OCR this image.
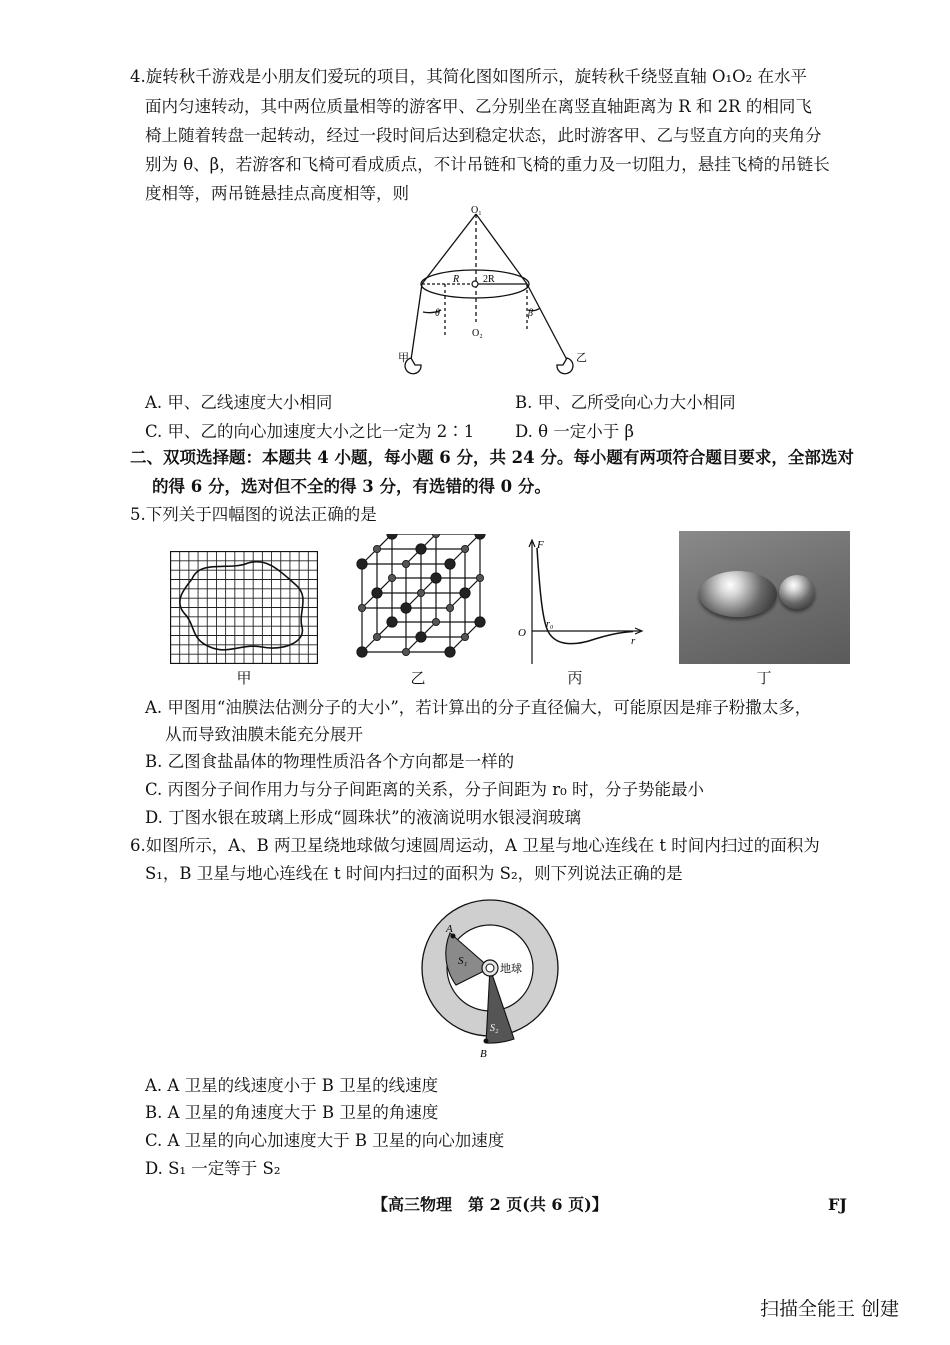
4.旋转秋千游戏是小朋友们爱玩的项目，其简化图如图所示，旋转秋千绕竖直轴 O₁O₂ 在水平
面内匀速转动，其中两位质量相等的游客甲、乙分别坐在离竖直轴距离为 R 和 2R 的相同飞
椅上随着转盘一起转动，经过一段时间后达到稳定状态，此时游客甲、乙与竖直方向的夹角分
别为 θ、β，若游客和飞椅可看成质点，不计吊链和飞椅的重力及一切阻力，悬挂飞椅的吊链长
度相等，两吊链悬挂点高度相等，则
O₁
O₂
R 2R
θ	β
甲	乙
A. 甲、乙线速度大小相同	B. 甲、乙所受向心力大小相同
C. 甲、乙的向心加速度大小之比一定为 2∶1 D. θ 一定小于 β
二、双项选择题：本题共 4 小题，每小题 6 分，共 24 分。每小题有两项符合题目要求，全部选对
的得 6 分，选对但不全的得 3 分，有选错的得 0 分。
5.下列关于四幅图的说法正确的是
甲	乙
F
O
r₀
r
丙	丁
A. 甲图用“油膜法估测分子的大小”，若计算出的分子直径偏大，可能原因是痱子粉撒太多，
从而导致油膜未能充分展开
B. 乙图食盐晶体的物理性质沿各个方向都是一样的
C. 丙图分子间作用力与分子间距离的关系，分子间距为 r₀ 时，分子势能最小
D. 丁图水银在玻璃上形成“圆珠状”的液滴说明水银浸润玻璃
6.如图所示，A、B 两卫星绕地球做匀速圆周运动，A 卫星与地心连线在 t 时间内扫过的面积为
S₁，B 卫星与地心连线在 t 时间内扫过的面积为 S₂，则下列说法正确的是
A
B
S₁
S₂
地球
A. A 卫星的线速度小于 B 卫星的线速度
B. A 卫星的角速度大于 B 卫星的角速度
C. A 卫星的向心加速度大于 B 卫星的向心加速度
D. S₁ 一定等于 S₂
【高三物理　第 2 页(共 6 页)】	FJ
扫描全能王 创建
